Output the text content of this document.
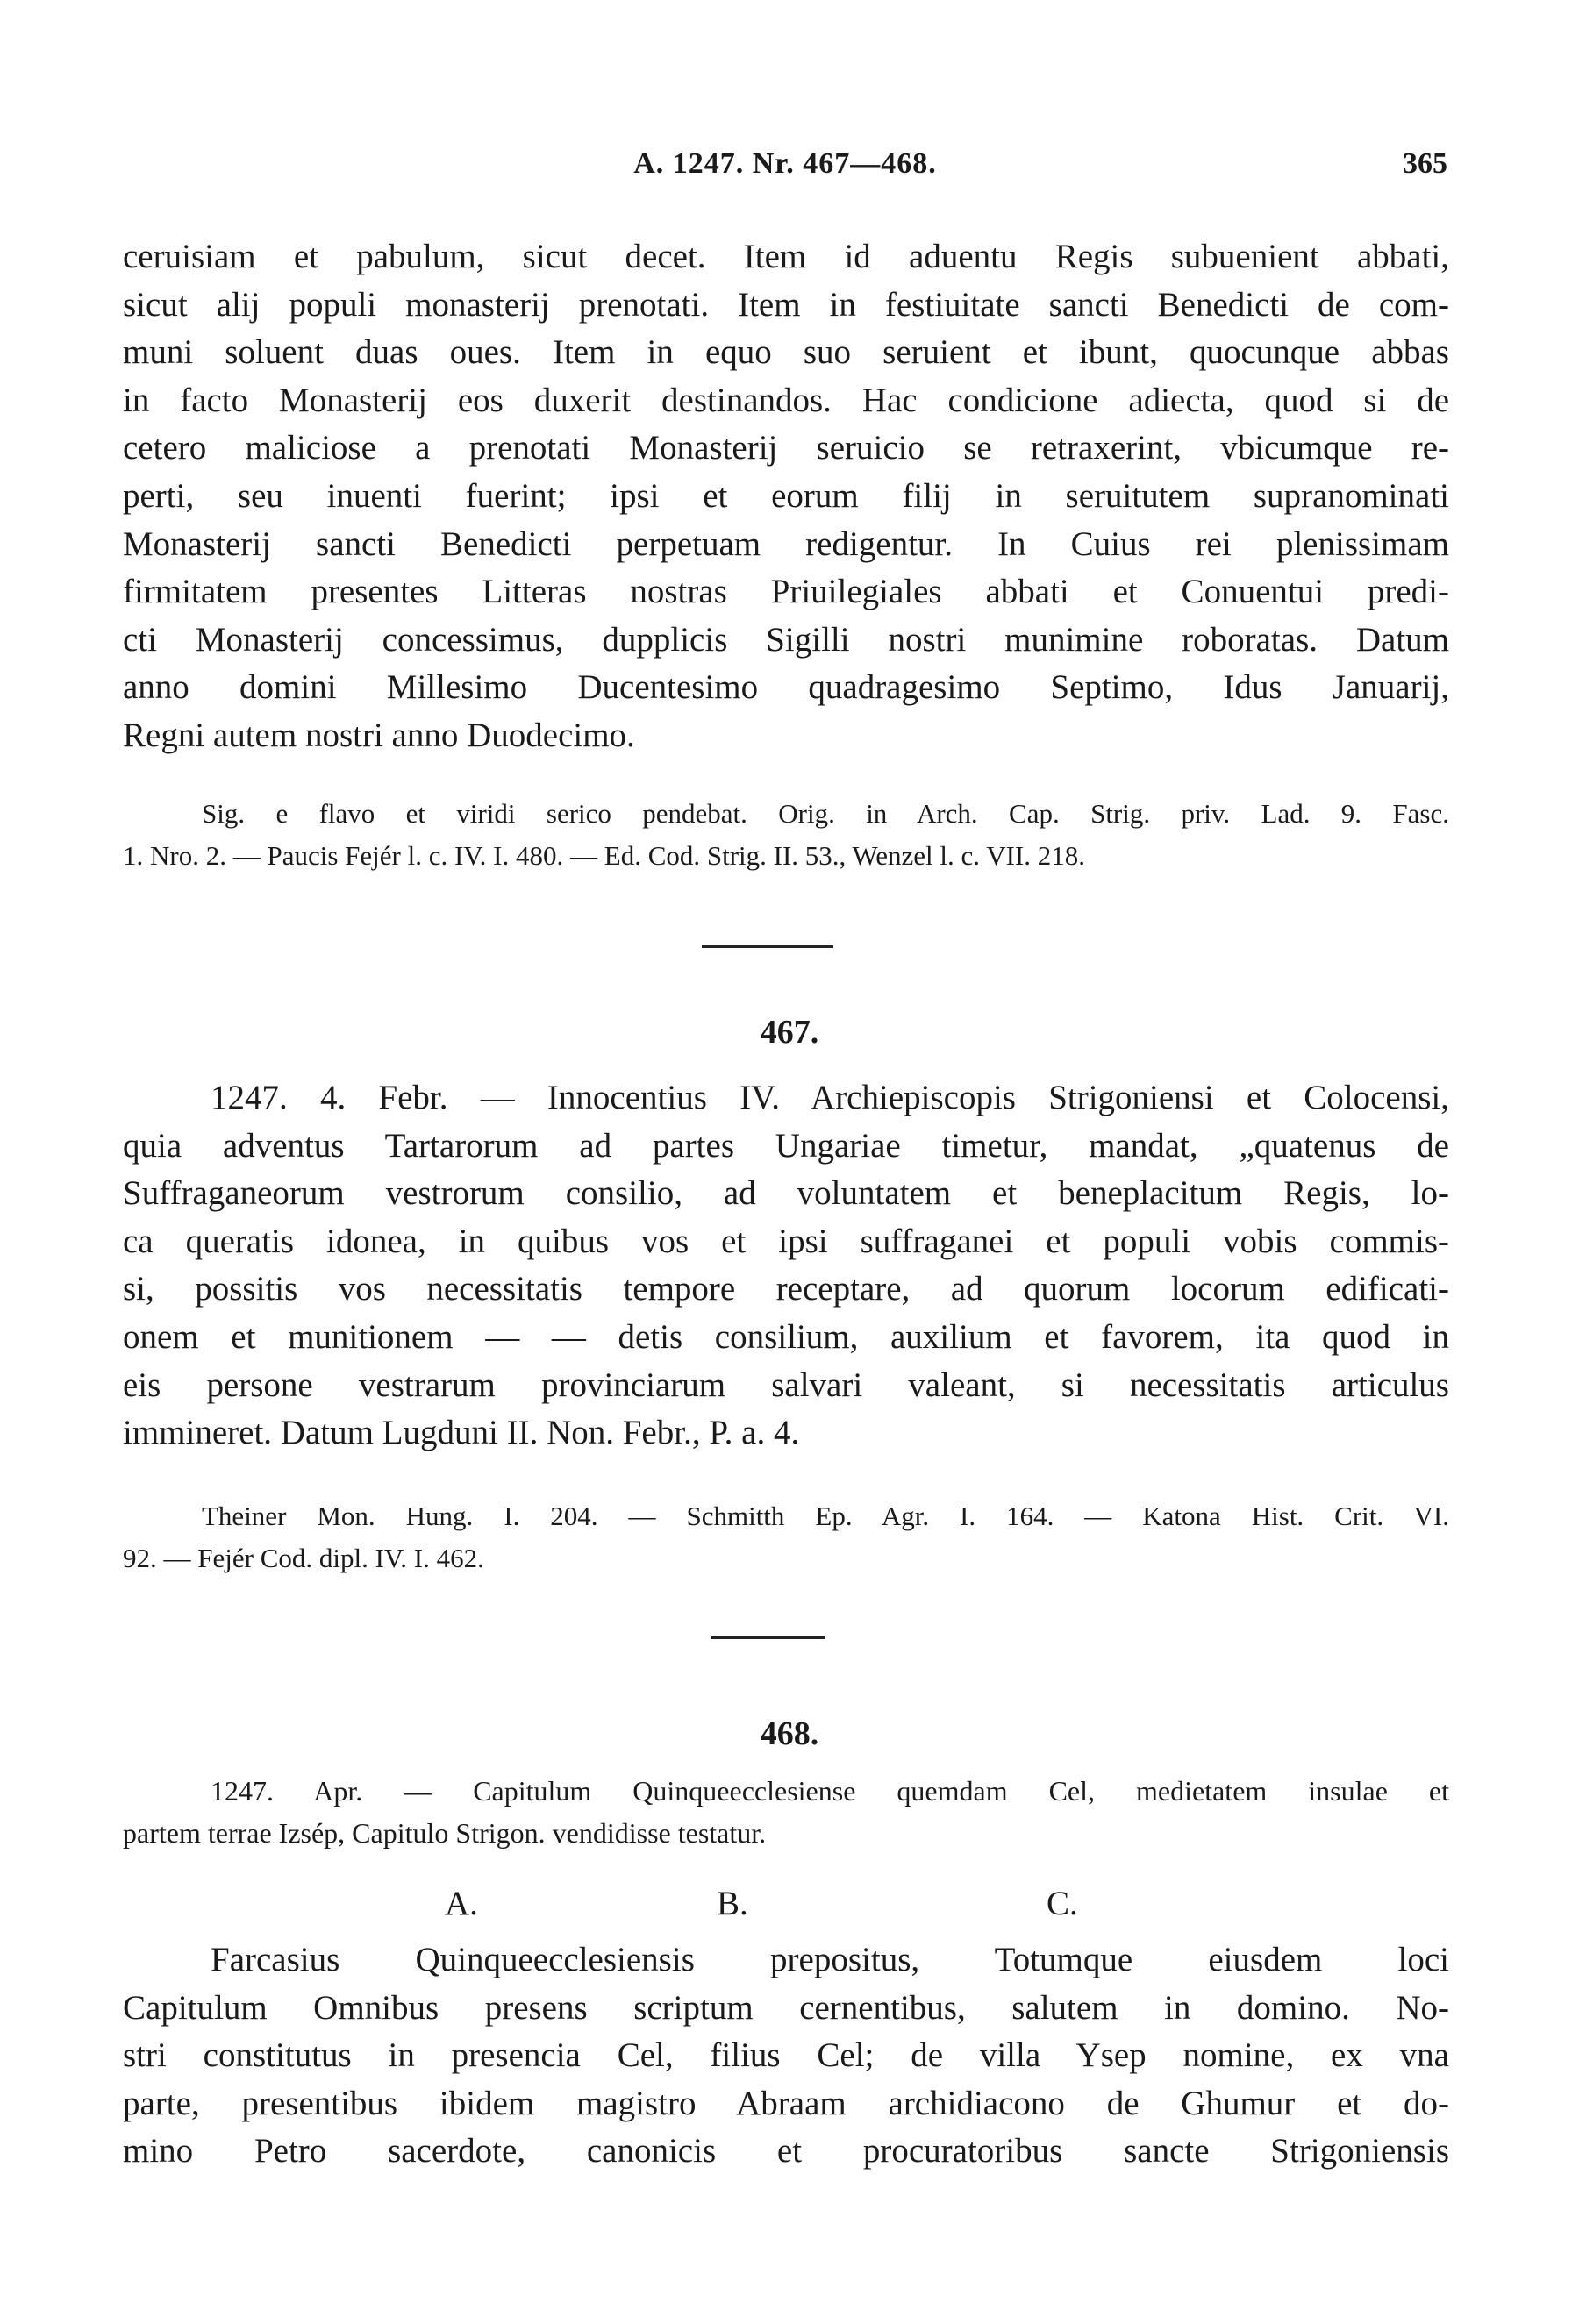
A. 1247. Nr. 467—468.	365
ceruisiam et pabulum, sicut decet. Item id aduentu Regis subuenient abbati,
sicut alij populi monasterij prenotati. Item in festiuitate sancti Benedicti de com-
muni soluent duas oues. Item in equo suo seruient et ibunt, quocunque abbas
in facto Monasterij eos duxerit destinandos. Hac condicione adiecta, quod si de
cetero maliciose a prenotati Monasterij seruicio se retraxerint, vbicumque re-
perti, seu inuenti fuerint; ipsi et eorum filij in seruitutem supranominati
Monasterij sancti Benedicti perpetuam redigentur. In Cuius rei plenissimam
firmitatem presentes Litteras nostras Priuilegiales abbati et Conuentui predi-
cti Monasterij concessimus, dupplicis Sigilli nostri munimine roboratas. Datum
anno domini Millesimo Ducentesimo quadragesimo Septimo, Idus Januarij,
Regni autem nostri anno Duodecimo.
Sig. e flavo et viridi serico pendebat. Orig. in Arch. Cap. Strig. priv. Lad. 9. Fasc.
1. Nro. 2. — Paucis Fejér l. c. IV. I. 480. — Ed. Cod. Strig. II. 53., Wenzel l. c. VII. 218.
467.
1247. 4. Febr. — Innocentius IV. Archiepiscopis Strigoniensi et Colocensi,
quia adventus Tartarorum ad partes Ungariae timetur, mandat, „quatenus de
Suffraganeorum vestrorum consilio, ad voluntatem et beneplacitum Regis, lo-
ca queratis idonea, in quibus vos et ipsi suffraganei et populi vobis commis-
si, possitis vos necessitatis tempore receptare, ad quorum locorum edificati-
onem et munitionem — — detis consilium, auxilium et favorem, ita quod in
eis persone vestrarum provinciarum salvari valeant, si necessitatis articulus
immineret. Datum Lugduni II. Non. Febr., P. a. 4.
Theiner Mon. Hung. I. 204. — Schmitth Ep. Agr. I. 164. — Katona Hist. Crit. VI.
92. — Fejér Cod. dipl. IV. I. 462.
468.
1247. Apr. — Capitulum Quinqueecclesiense quemdam Cel, medietatem insulae et
partem terrae Izsép, Capitulo Strigon. vendidisse testatur.
A.	B.	C.
Farcasius Quinqueecclesiensis prepositus, Totumque eiusdem loci
Capitulum Omnibus presens scriptum cernentibus, salutem in domino. No-
stri constitutus in presencia Cel, filius Cel; de villa Ysep nomine, ex vna
parte, presentibus ibidem magistro Abraam archidiacono de Ghumur et do-
mino Petro sacerdote, canonicis et procuratoribus sancte Strigoniensis
